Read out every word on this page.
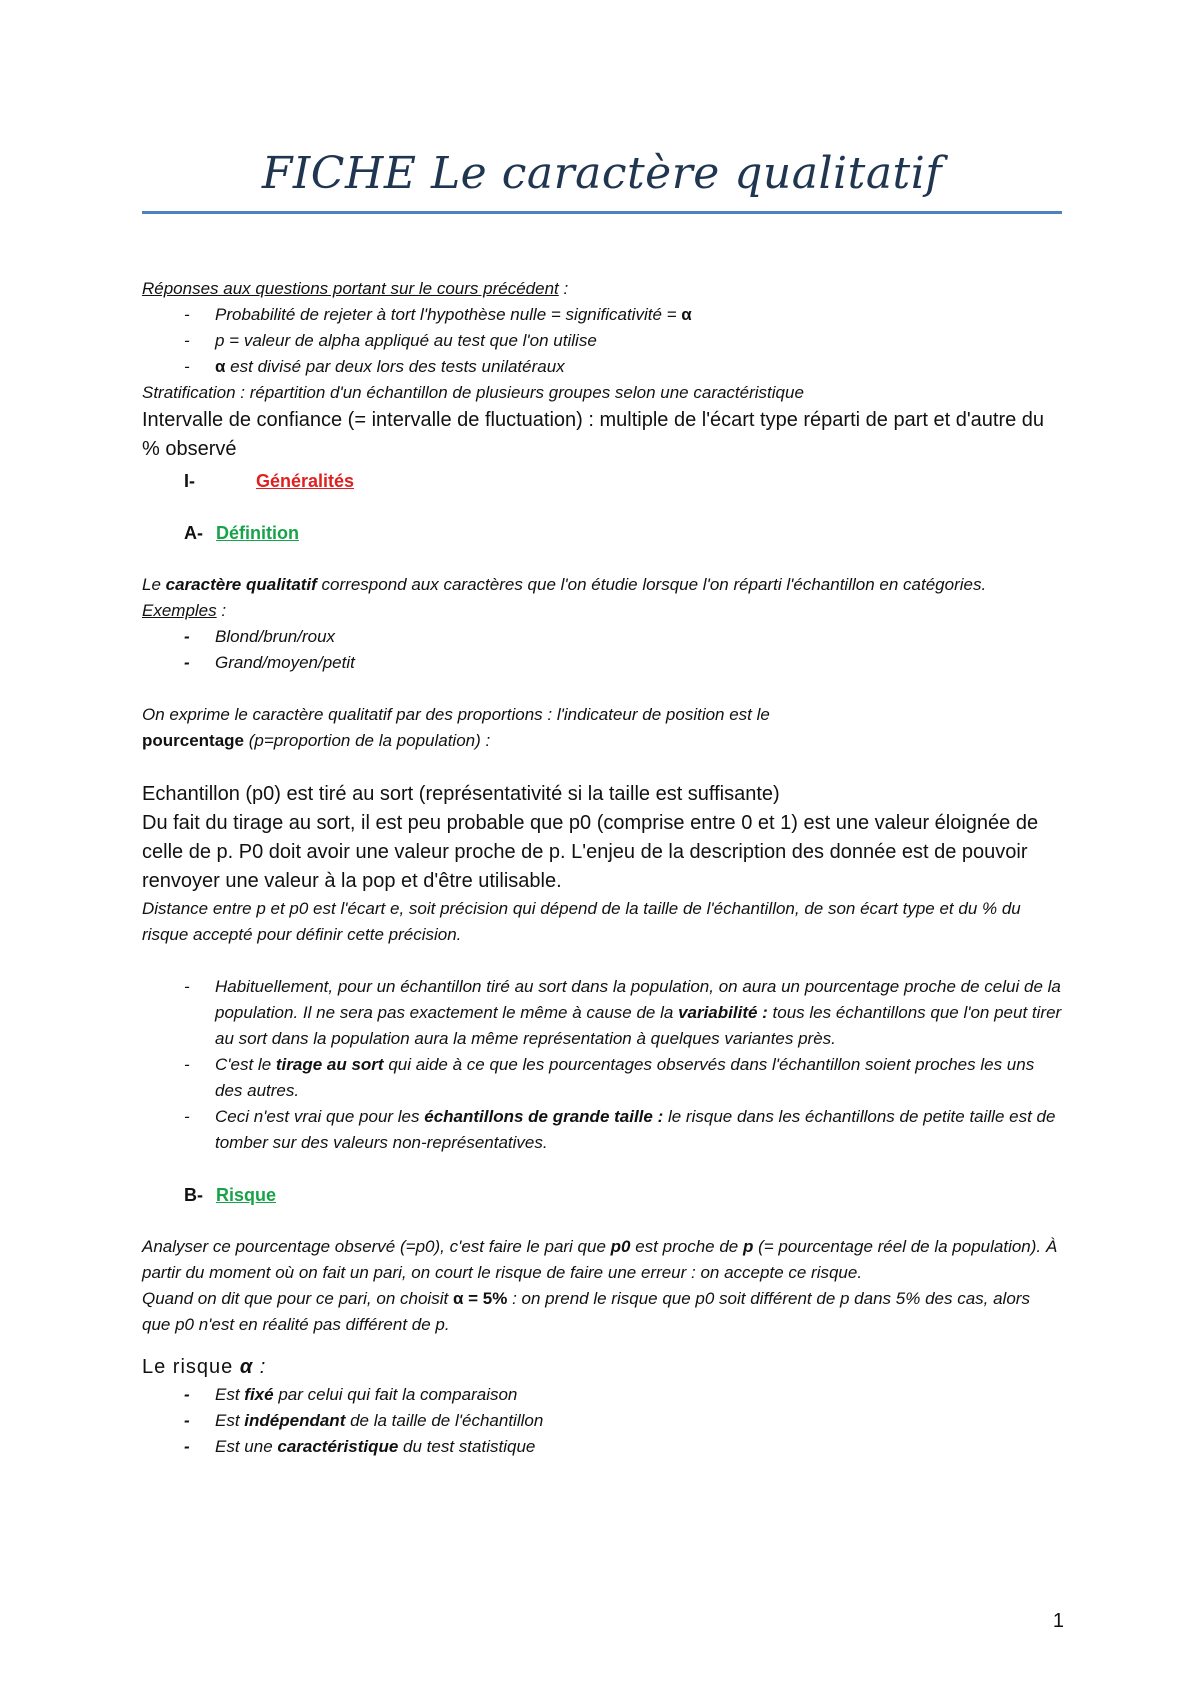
FICHE Le caractère qualitatif
Réponses aux questions portant sur le cours précédent :
- Probabilité de rejeter à tort l'hypothèse nulle = significativité = α
- p = valeur de alpha appliqué au test que l'on utilise
- α est divisé par deux lors des tests unilatéraux
Stratification : répartition d'un échantillon de plusieurs groupes selon une caractéristique
Intervalle de confiance (= intervalle de fluctuation) : multiple de l'écart type réparti de part et d'autre du % observé
I-	Généralités
A- Définition
Le caractère qualitatif correspond aux caractères que l'on étudie lorsque l'on réparti l'échantillon en catégories.
Exemples :
- Blond/brun/roux
- Grand/moyen/petit
On exprime le caractère qualitatif par des proportions : l'indicateur de position est le
pourcentage (p=proportion de la population) :
Echantillon (p0) est tiré au sort (représentativité si la taille est suffisante)
Du fait du tirage au sort, il est peu probable que p0 (comprise entre 0 et 1) est une valeur éloignée de celle de p. P0 doit avoir une valeur proche de p. L'enjeu de la description des donnée est de pouvoir renvoyer une valeur à la pop et d'être utilisable.
Distance entre p et p0 est l'écart e, soit précision qui dépend de la taille de l'échantillon, de son écart type et du % du risque accepté pour définir cette précision.
- Habituellement, pour un échantillon tiré au sort dans la population, on aura un pourcentage proche de celui de la population. Il ne sera pas exactement le même à cause de la variabilité : tous les échantillons que l'on peut tirer au sort dans la population aura la même représentation à quelques variantes près.
- C'est le tirage au sort qui aide à ce que les pourcentages observés dans l'échantillon soient proches les uns des autres.
- Ceci n'est vrai que pour les échantillons de grande taille : le risque dans les échantillons de petite taille est de tomber sur des valeurs non-représentatives.
B- Risque
Analyser ce pourcentage observé (=p0), c'est faire le pari que p0 est proche de p (= pourcentage réel de la population). À partir du moment où on fait un pari, on court le risque de faire une erreur : on accepte ce risque.
Quand on dit que pour ce pari, on choisit α = 5% : on prend le risque que p0 soit différent de p dans 5% des cas, alors que p0 n'est en réalité pas différent de p.
Le risque α :
- Est fixé par celui qui fait la comparaison
- Est indépendant de la taille de l'échantillon
- Est une caractéristique du test statistique
1
